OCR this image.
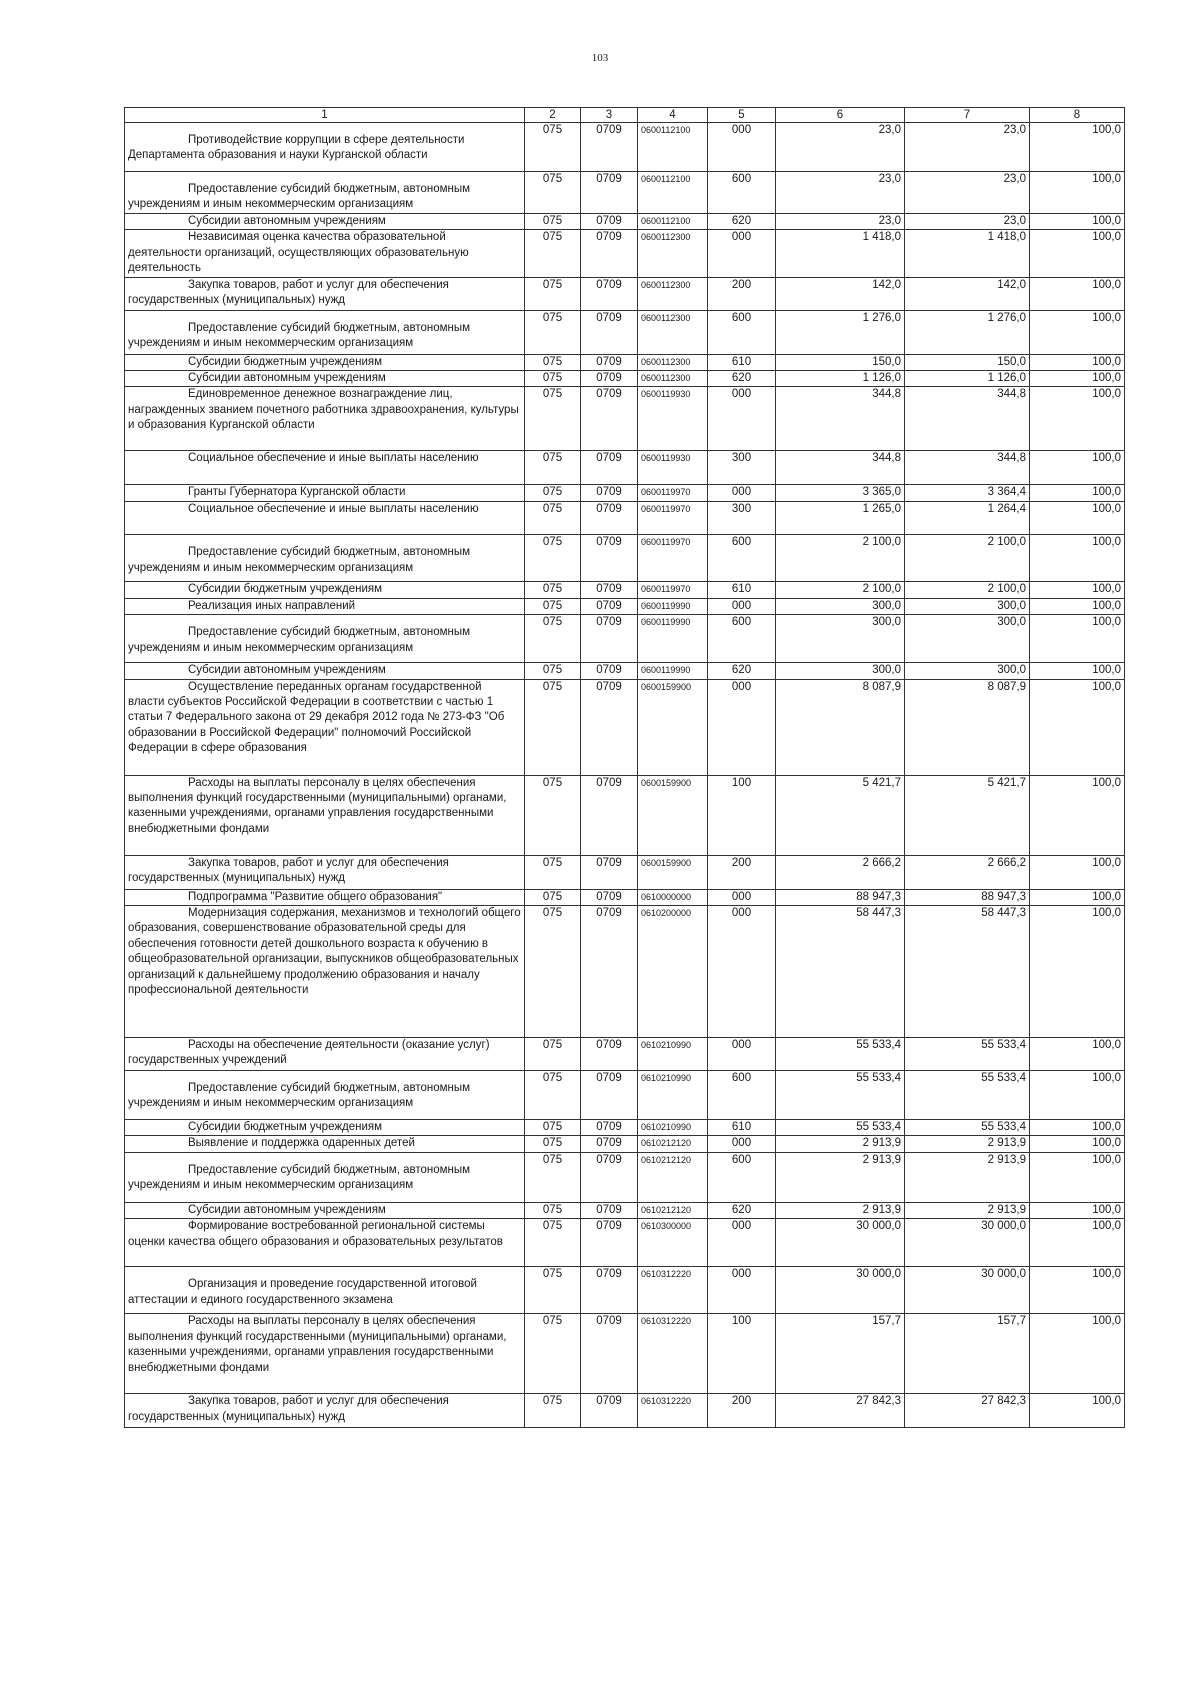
103
1	2	3	4	5	6	7	8

Противодействие коррупции в сфере деятельности Департамента образования и науки Курганской области	075	0709	0600112100	000	23,0	23,0	100,0

Предоставление субсидий бюджетным, автономным учреждениям и иным некоммерческим организациям	075	0709	0600112100	600	23,0	23,0	100,0

Субсидии автономным учреждениям	075	0709	0600112100	620	23,0	23,0	100,0

Независимая оценка качества образовательной деятельности организаций, осуществляющих образовательную деятельность	075	0709	0600112300	000	1 418,0	1 418,0	100,0

Закупка товаров, работ и услуг для обеспечения государственных (муниципальных) нужд	075	0709	0600112300	200	142,0	142,0	100,0

Предоставление субсидий бюджетным, автономным учреждениям и иным некоммерческим организациям	075	0709	0600112300	600	1 276,0	1 276,0	100,0

Субсидии бюджетным учреждениям	075	0709	0600112300	610	150,0	150,0	100,0

Субсидии автономным учреждениям	075	0709	0600112300	620	1 126,0	1 126,0	100,0

Единовременное денежное вознаграждение лиц, награжденных званием почетного работника здравоохранения, культуры и образования Курганской области	075	0709	0600119930	000	344,8	344,8	100,0

Социальное обеспечение и иные выплаты населению	075	0709	0600119930	300	344,8	344,8	100,0

Гранты Губернатора Курганской области	075	0709	0600119970	000	3 365,0	3 364,4	100,0

Социальное обеспечение и иные выплаты населению	075	0709	0600119970	300	1 265,0	1 264,4	100,0

Предоставление субсидий бюджетным, автономным учреждениям и иным некоммерческим организациям	075	0709	0600119970	600	2 100,0	2 100,0	100,0

Субсидии бюджетным учреждениям	075	0709	0600119970	610	2 100,0	2 100,0	100,0

Реализация иных направлений	075	0709	0600119990	000	300,0	300,0	100,0

Предоставление субсидий бюджетным, автономным учреждениям и иным некоммерческим организациям	075	0709	0600119990	600	300,0	300,0	100,0

Субсидии автономным учреждениям	075	0709	0600119990	620	300,0	300,0	100,0

Осуществление переданных органам государственной власти субъектов Российской Федерации в соответствии с частью 1 статьи 7 Федерального закона от 29 декабря 2012 года № 273-ФЗ "Об образовании в Российской Федерации" полномочий Российской Федерации в сфере образования	075	0709	0600159900	000	8 087,9	8 087,9	100,0

Расходы на выплаты персоналу в целях обеспечения выполнения функций государственными (муниципальными) органами, казенными учреждениями, органами управления государственными внебюджетными фондами	075	0709	0600159900	100	5 421,7	5 421,7	100,0

Закупка товаров, работ и услуг для обеспечения государственных (муниципальных) нужд	075	0709	0600159900	200	2 666,2	2 666,2	100,0

Подпрограмма "Развитие общего образования"	075	0709	0610000000	000	88 947,3	88 947,3	100,0

Модернизация содержания, механизмов и технологий общего образования, совершенствование образовательной среды для обеспечения готовности детей дошкольного возраста к обучению в общеобразовательной организации, выпускников общеобразовательных организаций к дальнейшему продолжению образования и началу профессиональной деятельности	075	0709	0610200000	000	58 447,3	58 447,3	100,0

Расходы на обеспечение деятельности (оказание услуг) государственных учреждений	075	0709	0610210990	000	55 533,4	55 533,4	100,0

Предоставление субсидий бюджетным, автономным учреждениям и иным некоммерческим организациям	075	0709	0610210990	600	55 533,4	55 533,4	100,0

Субсидии бюджетным учреждениям	075	0709	0610210990	610	55 533,4	55 533,4	100,0

Выявление и поддержка одаренных детей	075	0709	0610212120	000	2 913,9	2 913,9	100,0

Предоставление субсидий бюджетным, автономным учреждениям и иным некоммерческим организациям	075	0709	0610212120	600	2 913,9	2 913,9	100,0

Субсидии автономным учреждениям	075	0709	0610212120	620	2 913,9	2 913,9	100,0

Формирование востребованной региональной системы оценки качества общего образования и образовательных результатов	075	0709	0610300000	000	30 000,0	30 000,0	100,0

Организация и проведение государственной итоговой аттестации и единого государственного экзамена	075	0709	0610312220	000	30 000,0	30 000,0	100,0

Расходы на выплаты персоналу в целях обеспечения выполнения функций государственными (муниципальными) органами, казенными учреждениями, органами управления государственными внебюджетными фондами	075	0709	0610312220	100	157,7	157,7	100,0

Закупка товаров, работ и услуг для обеспечения государственных (муниципальных) нужд	075	0709	0610312220	200	27 842,3	27 842,3	100,0
